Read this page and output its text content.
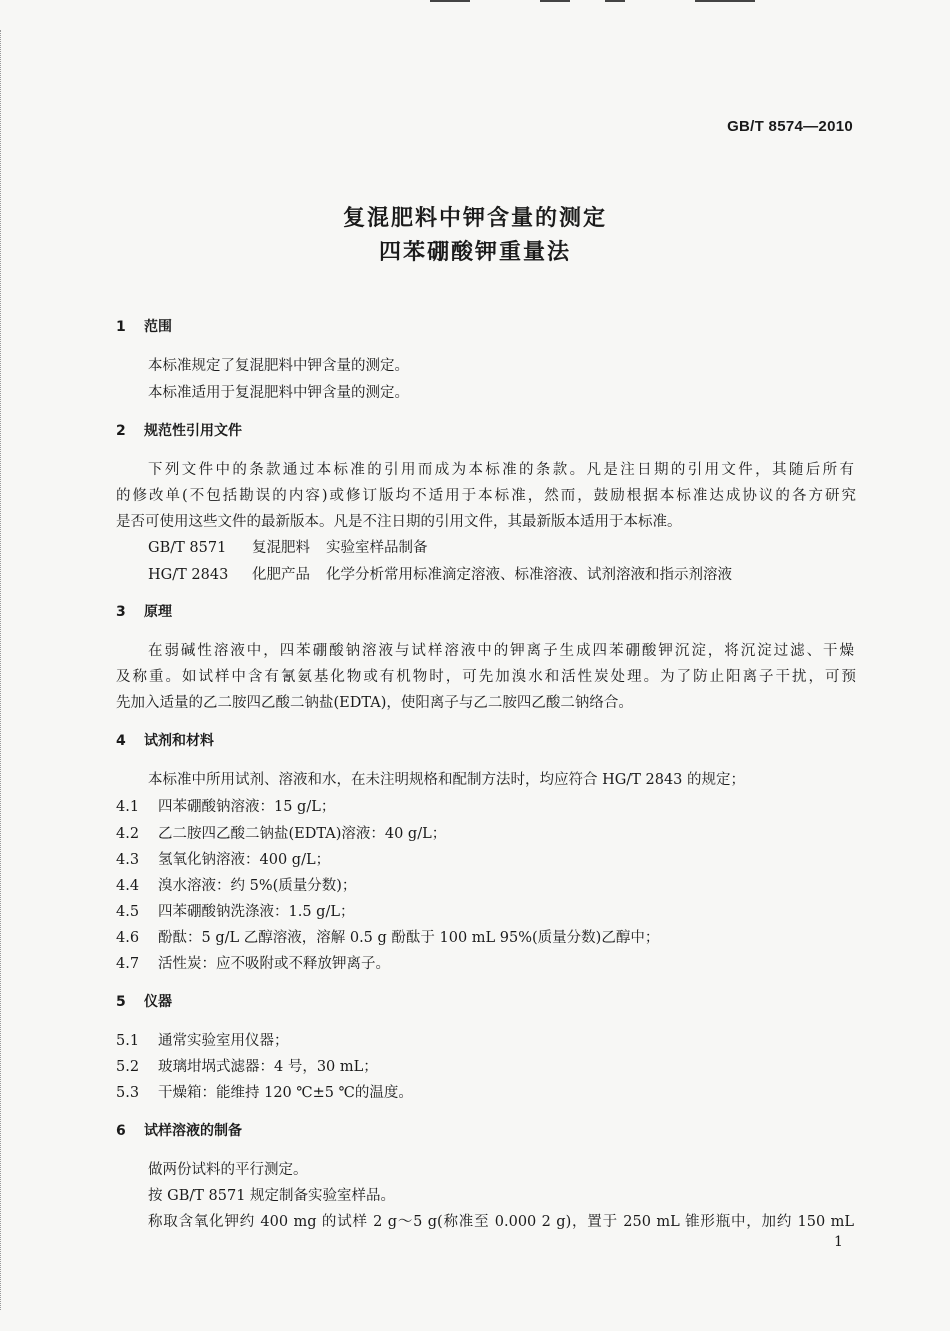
GB/T 8574—2010
复混肥料中钾含量的测定
四苯硼酸钾重量法
1 范围
本标准规定了复混肥料中钾含量的测定。
本标准适用于复混肥料中钾含量的测定。
2 规范性引用文件
下列文件中的条款通过本标准的引用而成为本标准的条款。凡是注日期的引用文件，其随后所有
的修改单(不包括勘误的内容)或修订版均不适用于本标准，然而，鼓励根据本标准达成协议的各方研究
是否可使用这些文件的最新版本。凡是不注日期的引用文件，其最新版本适用于本标准。
GB/T 8571 复混肥料 实验室样品制备
HG/T 2843 化肥产品 化学分析常用标准滴定溶液、标准溶液、试剂溶液和指示剂溶液
3 原理
在弱碱性溶液中，四苯硼酸钠溶液与试样溶液中的钾离子生成四苯硼酸钾沉淀，将沉淀过滤、干燥
及称重。如试样中含有氰氨基化物或有机物时，可先加溴水和活性炭处理。为了防止阳离子干扰，可预
先加入适量的乙二胺四乙酸二钠盐(EDTA)，使阳离子与乙二胺四乙酸二钠络合。
4 试剂和材料
本标准中所用试剂、溶液和水，在未注明规格和配制方法时，均应符合 HG/T 2843 的规定；
4.1 四苯硼酸钠溶液：15 g/L；
4.2 乙二胺四乙酸二钠盐(EDTA)溶液：40 g/L；
4.3 氢氧化钠溶液：400 g/L；
4.4 溴水溶液：约 5%(质量分数)；
4.5 四苯硼酸钠洗涤液：1.5 g/L；
4.6 酚酞：5 g/L 乙醇溶液，溶解 0.5 g 酚酞于 100 mL 95%(质量分数)乙醇中；
4.7 活性炭：应不吸附或不释放钾离子。
5 仪器
5.1 通常实验室用仪器；
5.2 玻璃坩埚式滤器：4 号，30 mL；
5.3 干燥箱：能维持 120 ℃±5 ℃的温度。
6 试样溶液的制备
做两份试料的平行测定。
按 GB/T 8571 规定制备实验室样品。
称取含氧化钾约 400 mg 的试样 2 g～5 g(称准至 0.000 2 g)，置于 250 mL 锥形瓶中，加约 150 mL
1
